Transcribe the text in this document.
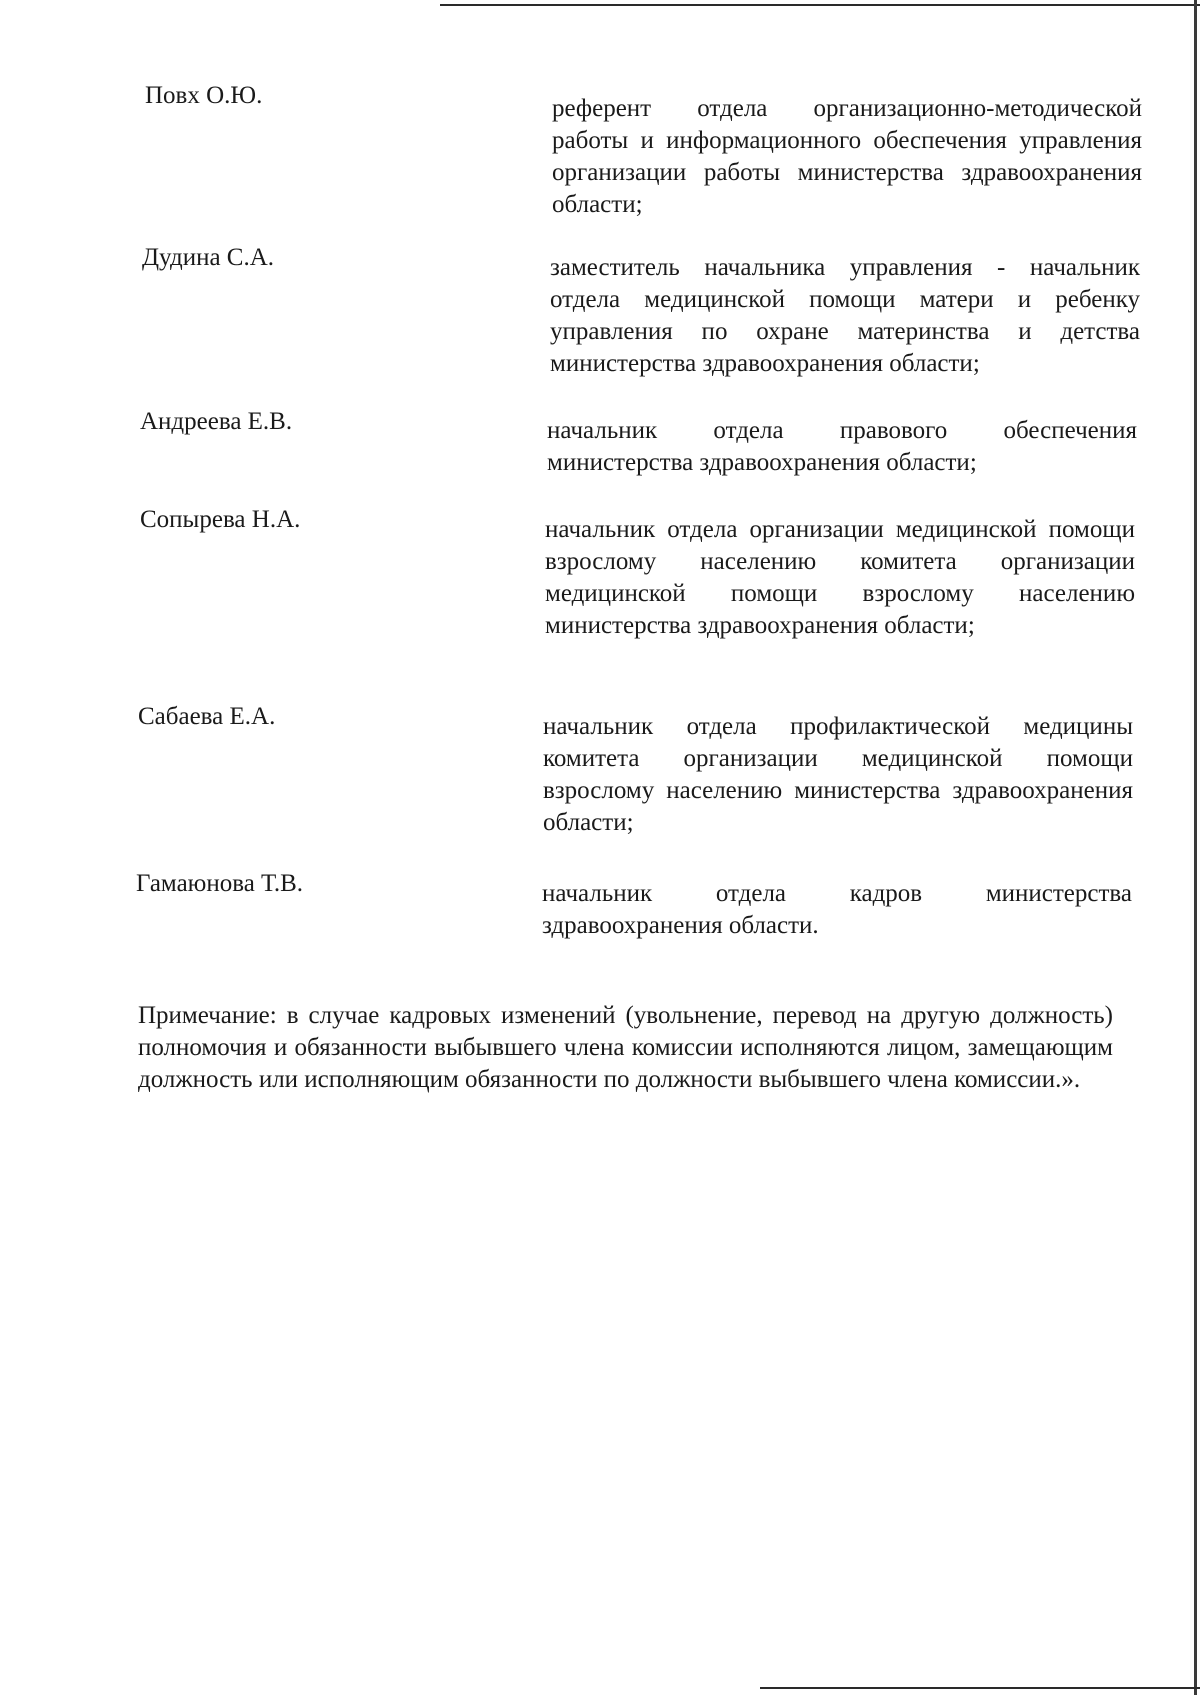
Повх О.Ю.	референт отдела организационно-методической работы и информационного обеспечения управления организации работы министерства здравоохранения области;
Дудина С.А.	заместитель начальника управления - начальник отдела медицинской помощи матери и ребенку управления по охране материнства и детства министерства здравоохранения области;
Андреева Е.В.	начальник отдела правового обеспечения министерства здравоохранения области;
Сопырева Н.А.	начальник отдела организации медицинской помощи взрослому населению комитета организации медицинской помощи взрослому населению министерства здравоохранения области;
Сабаева Е.А.	начальник отдела профилактической медицины комитета организации медицинской помощи взрослому населению министерства здравоохранения области;
Гамаюнова Т.В.	начальник отдела кадров министерства здравоохранения области.
Примечание: в случае кадровых изменений (увольнение, перевод на другую должность) полномочия и обязанности выбывшего члена комиссии исполняются лицом, замещающим должность или исполняющим обязанности по должности выбывшего члена комиссии.».
